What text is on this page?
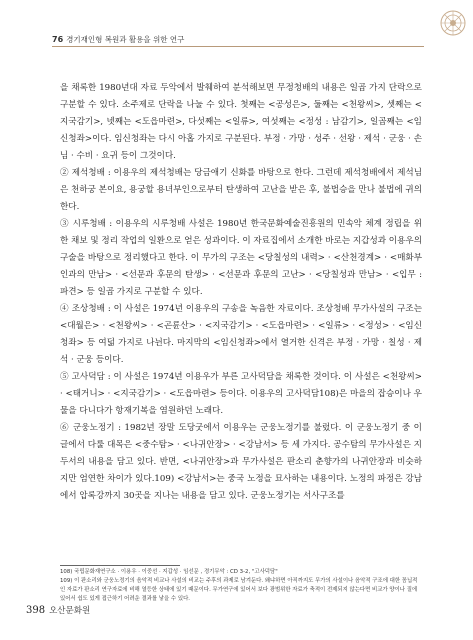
76 경기재인형 복원과 활용을 위한 연구

을 채록한 1980년대 자료 두악에서 발췌하여 분석해보면 무정청배의 내용은 일곱 가지 단락으로 구분할 수 있다. 소주제로 단락을 나눌 수 있다. 첫째는 <공성은>, 둘째는 <천왕씨>, 셋째는 <지국감기>, 넷째는 <도읍마련>, 다섯째는 <일류>, 여섯째는 <정성 : 남감기>, 일곱째는 <임신청좌>이다. 임신청좌는 다시 아홉 가지로 구분된다. 부정 · 가망 · 성주 · 선왕 · 제석 · 군웅 · 손님 · 수비 · 요귀 등이 그것이다.

② 제석청배 : 이용우의 제석청배는 당금애기 신화를 바탕으로 한다. 그런데 제석청배에서 제석님은 천하궁 본이요, 용궁할 용녀부인으로부터 탄생하여 고난을 받은 후, 불법승을 만나 불법에 귀의한다.

③ 시루청배 : 이용우의 시루청배 사설은 1980년 한국문화예술진흥원의 민속악 체계 정립을 위한 채보 및 정리 작업의 일환으로 얻은 성과이다. 이 자료집에서 소개한 바로는 지갑성과 이용우의 구술을 바탕으로 정리했다고 한다. 이 무가의 구조는 <당칠성의 내력> · <산천경계> · <매화부인과의 만남> · <선문과 후문의 탄생> · <선문과 후문의 고난> · <당칠성과 만남> · <입무 : 파견> 등 일곱 가지로 구분할 수 있다.

④ 조상청배 : 이 사설은 1974년 이용우의 구송을 녹음한 자료이다. 조상청배 무가사설의 구조는 <대월은> · <천왕씨> · <곤륜산> · <지국감기> · <도읍마련> · <일류> · <정성> · <임신청좌> 등 여덟 가지로 나뉜다. 마지막의 <임신청좌>에서 열거한 신격은 부정 · 가망 · 칠성 · 제석 · 군웅 등이다.

⑤ 고사덕담 : 이 사설은 1974년 이용우가 부른 고사덕담을 채록한 것이다. 이 사설은 <천왕씨> · <태거니> · <지국감기> · <도읍마련> 등이다. 이용우의 고사덕담108)은 마을의 잡승이나 우물을 다니다가 항재기복을 염원하던 노래다.

⑥ 군웅노정기 : 1982년 장말 도당굿에서 이용우는 군웅노정기를 불렀다. 이 군웅노정기 중 이 글에서 다룰 대목은 <중수탐> · <나귀안장> · <강남서> 등 세 가지다. 공수탐의 무가사설은 지두서의 내용을 담고 있다. 반면, <나귀안장>과 무가사설은 판소리 춘향가의 나귀안장과 비슷하지만 엄연한 차이가 있다.109) <강남서>는 중국 노정을 묘사하는 내용이다. 노정의 파정은 강남에서 압록강까지 30곳을 지나는 내용을 담고 있다. 군웅노정기는 서사구조를

108) 국립문화재연구소 · 이용우 · 이중선 · 지갑성 · 임선문 , 경기무악 : CD 3-2, "고사덕담"

109) 이 판소리와 군웅노정기의 음악적 비교나 사설의 비교는 주후의 과제로 남겨둔다. 왜냐하면 아직까지도 무가의 사설이나 음악적 구조에 대한 꼼닙적인 자료가 판소리 연구자료에 비해 열등한 상태에 있기 때문이다. 무가연구에 있어서 보다 광범위한 자료가 축적이 전제되지 않는다면 비교가 양이나 질에 있어서 쉽도 있게 접근하기 어려운 결과를 낳을 수 있다.

398 오산문화원
